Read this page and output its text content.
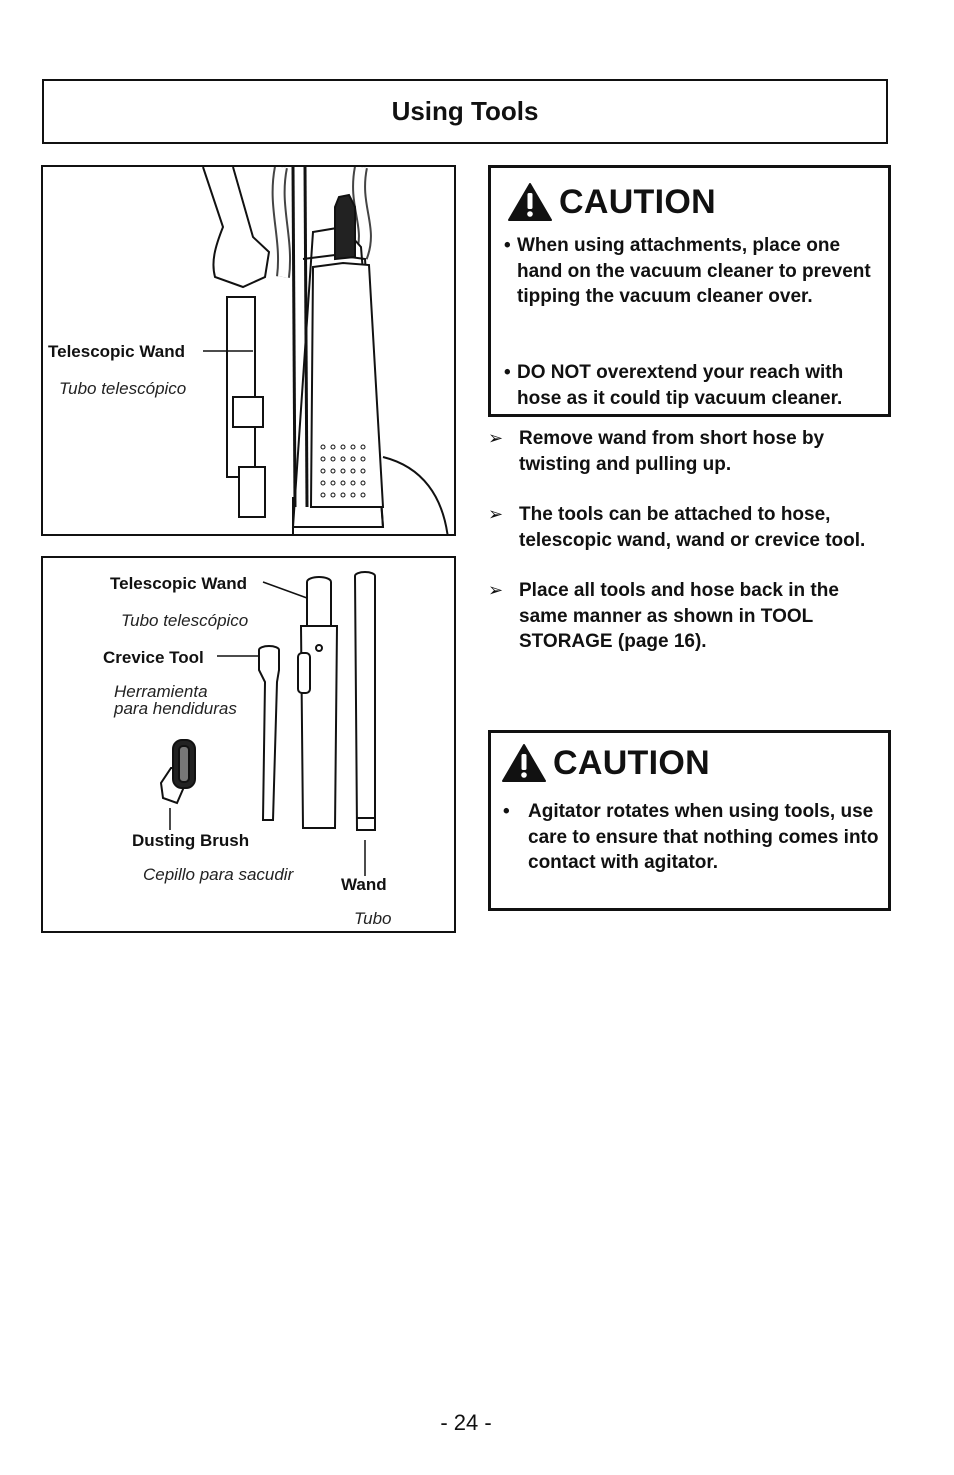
Using Tools
Telescopic Wand
Tubo telescópico
Telescopic Wand
Tubo telescópico
Crevice Tool
Herramienta
para hendiduras
Dusting Brush
Cepillo para sacudir
Wand
Tubo
CAUTION
• When using attachments, place one hand on the vacuum cleaner to prevent tipping the vacuum cleaner over.
• DO NOT overextend your reach with hose as it could tip vacuum cleaner.
➢ Remove wand from short hose by twisting and pulling up.
➢ The tools can be attached to hose, telescopic wand, wand or crevice tool.
➢ Place all tools and hose back in the same manner as shown in TOOL STORAGE (page 16).
CAUTION
• Agitator rotates when using tools, use care to ensure that nothing comes into contact with agitator.
- 24 -
